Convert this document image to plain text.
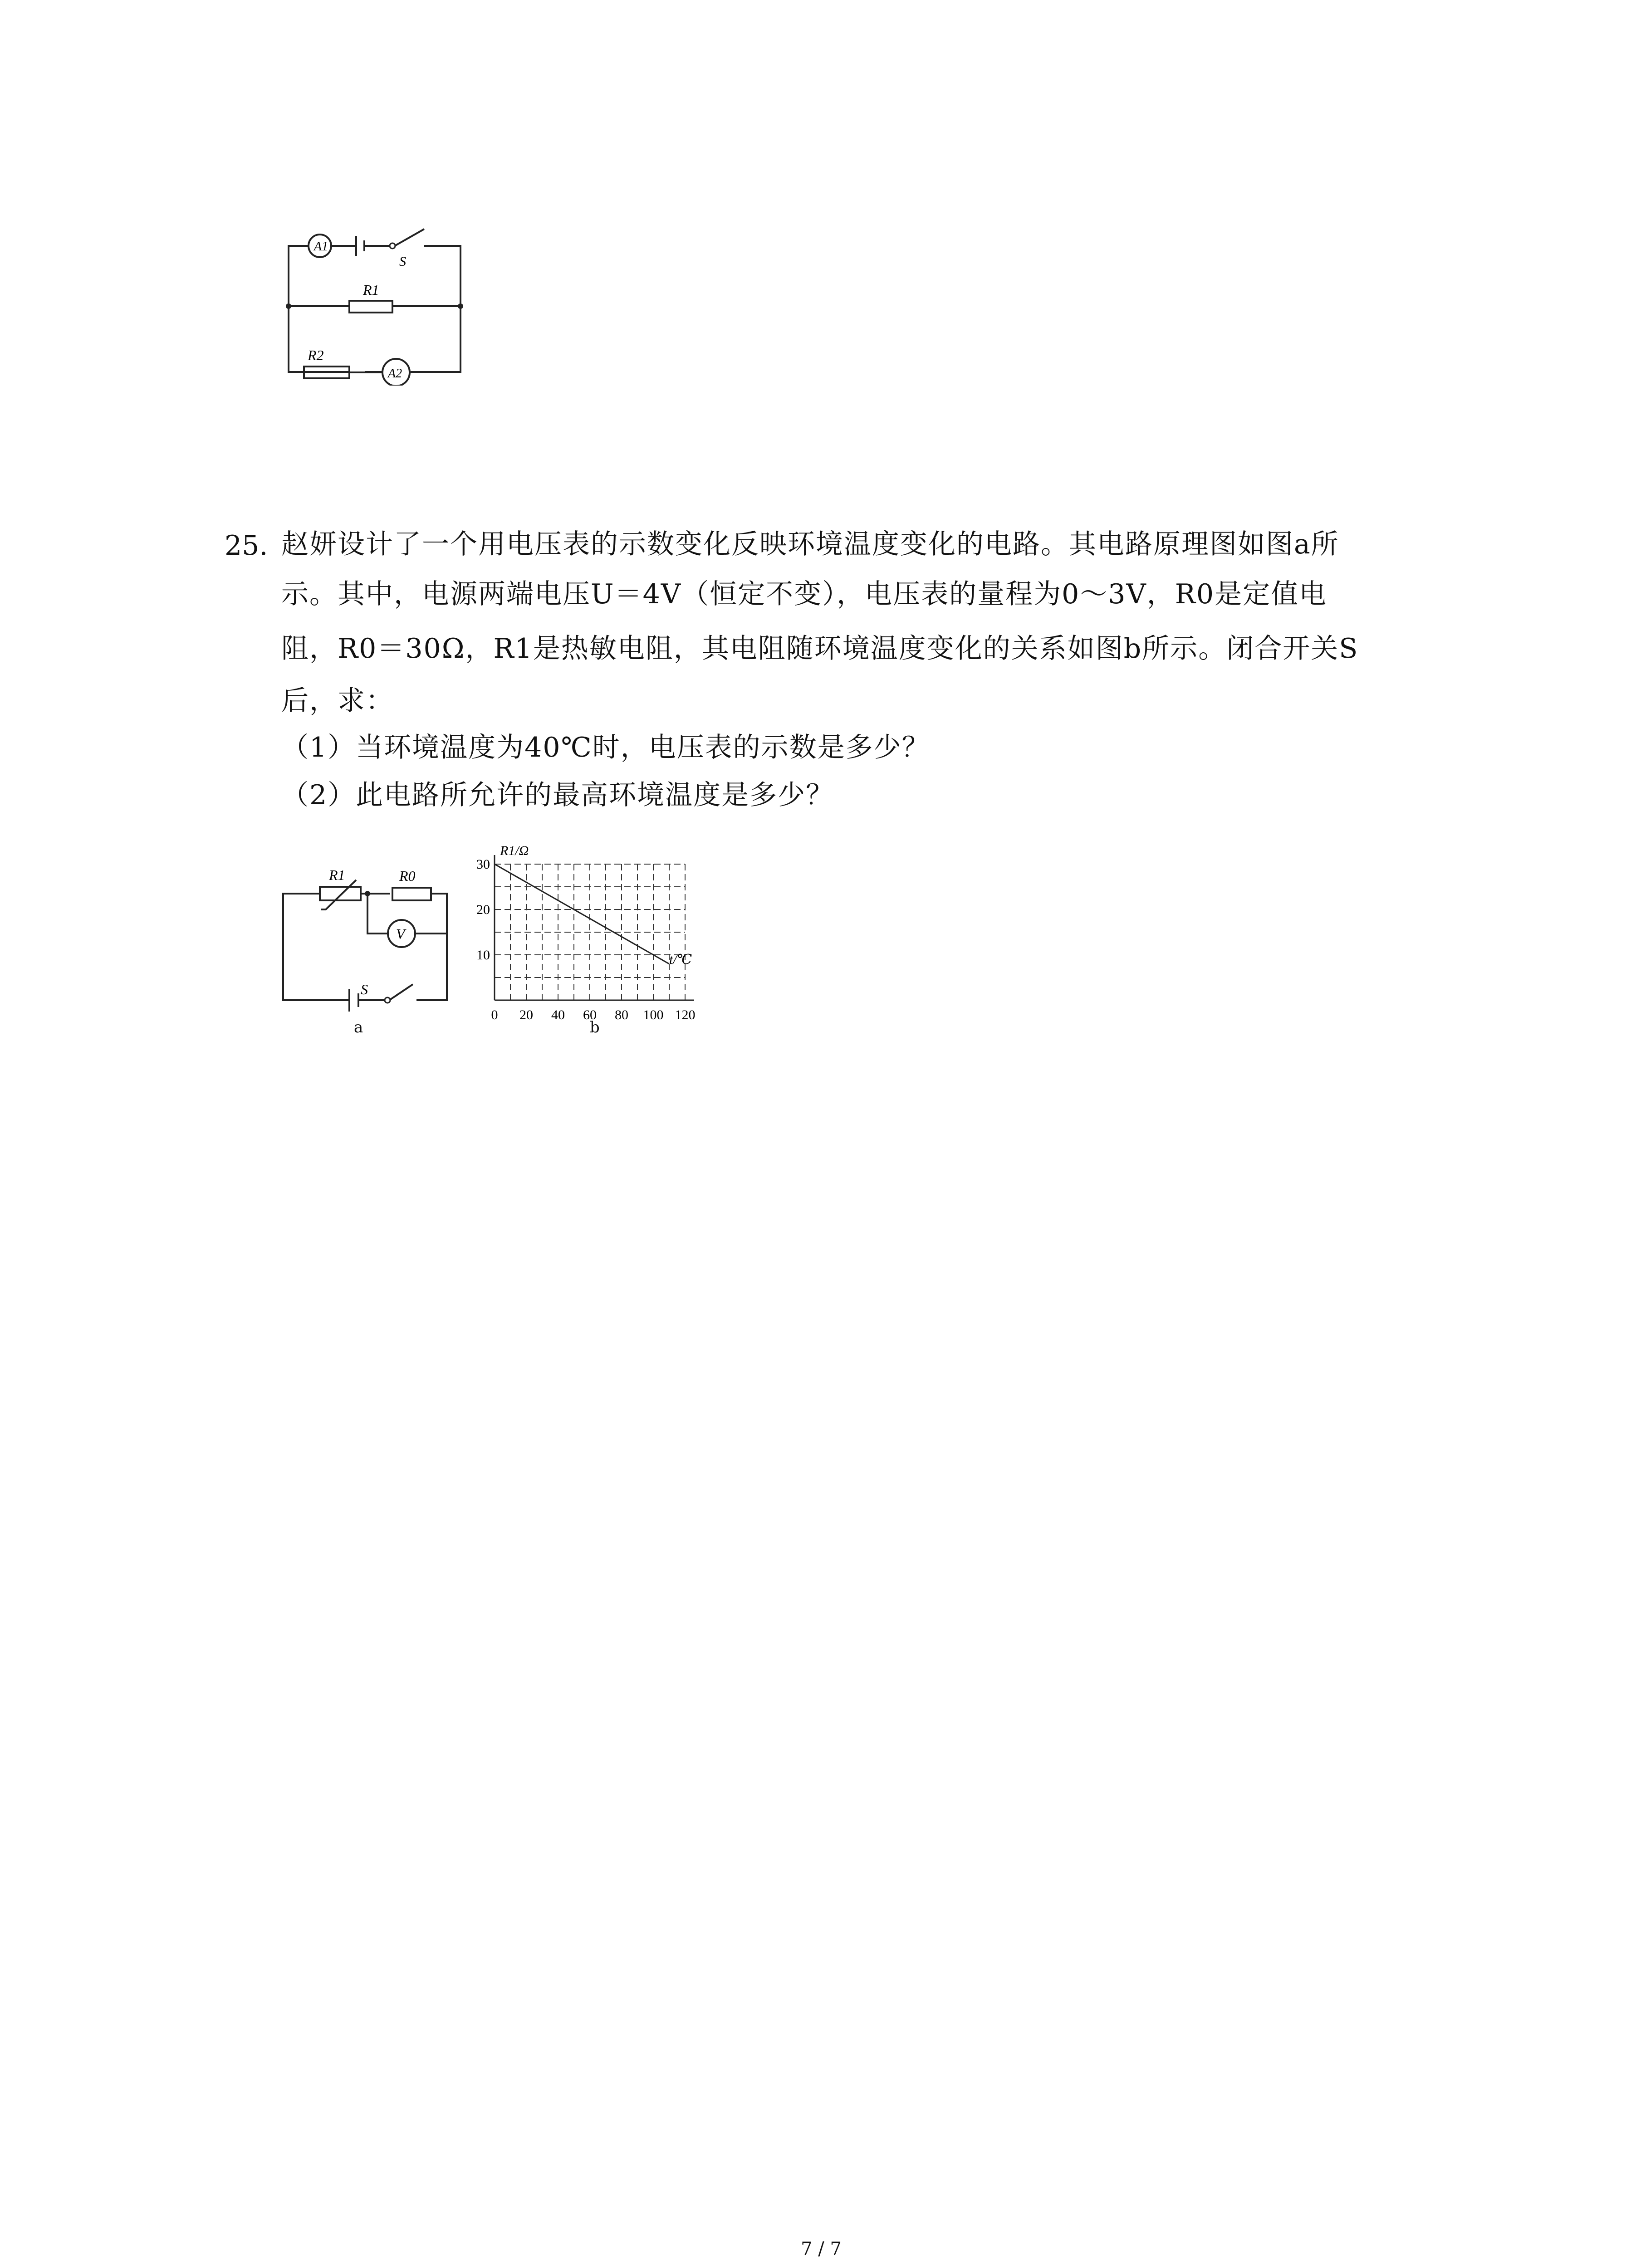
A1
S
R1
R2
A2
25. 赵妍设计了一个用电压表的示数变化反映环境温度变化的电路。其电路原理图如图a所
示。其中，电源两端电压U＝4V（恒定不变），电压表的量程为0～3V，R0是定值电
阻，R0＝30Ω，R1是热敏电阻，其电阻随环境温度变化的关系如图b所示。闭合开关S
后，求：
（1）当环境温度为40℃时，电压表的示数是多少？
（2）此电路所允许的最高环境温度是多少？
R1	R0
V
S
a
0 20 40 60 80 100 120
30
20
10
R1/Ω
t/℃
b
7 / 7
